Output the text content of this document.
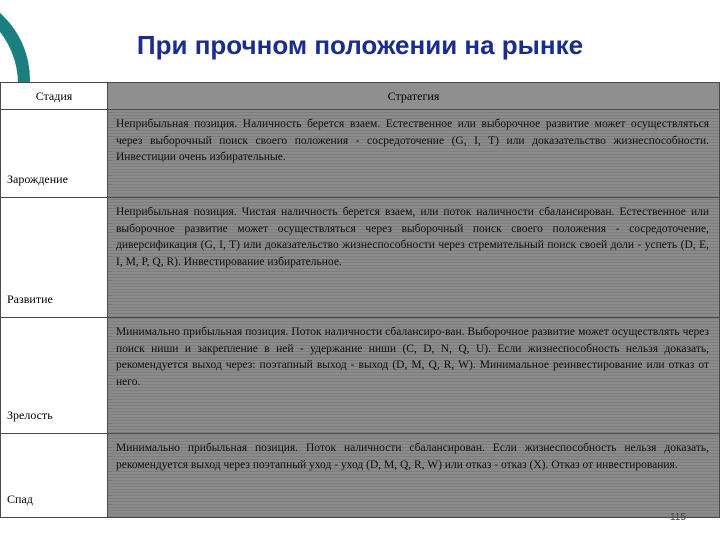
При прочном положении на рынке
Стадия	Стратегия
Зарождение
Неприбыльная позиция. Наличность берется взаем. Естественное или выборочное развитие может осуществляться через выборочный поиск своего положения - сосредоточение (G, I, T) или доказательство жизнеспособности. Инвестиции очень избирательные.
Развитие
Неприбыльная позиция. Чистая наличность берется взаем, или поток наличности сбалансирован. Естественное или выборочное развитие может осуществляться через выборочный поиск своего положения - сосредоточение, диверсификация (G, I, T) или доказательство жизнеспособности через стремительный поиск своей доли - успеть (D, E, I, M, P, Q, R). Инвестирование избирательное.
Зрелость
Минимально прибыльная позиция. Поток наличности сбалансиро-ван. Выборочное развитие может осуществлять через поиск ниши и закрепление в ней - удержание ниши (C, D, N, Q, U). Если жизнеспособность нельзя доказать, рекомендуется выход через: поэтапный выход - выход (D, M, Q, R, W). Минимальное реинвестирование или отказ от него.
Спад
Минимально прибыльная позиция. Поток наличности сбалансирован. Если жизнеспособность нельзя доказать, рекомендуется выход через поэтапный уход - уход (D, M, Q, R, W) или отказ - отказ (X). Отказ от инвестирования.
115
